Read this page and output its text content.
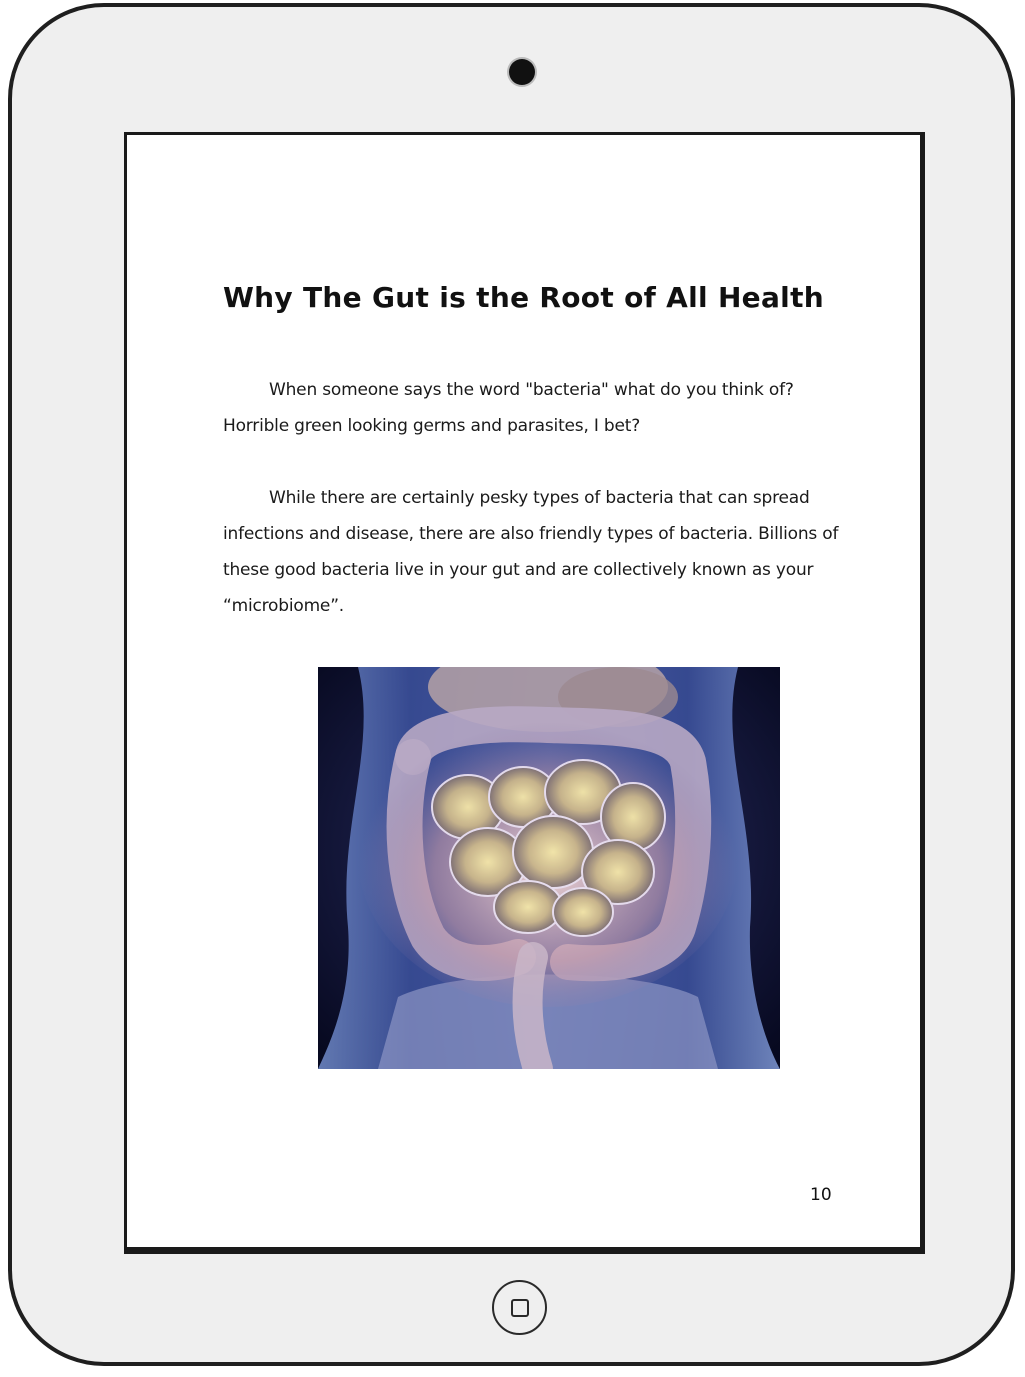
Why The Gut is the Root of All Health

When someone says the word "bacteria" what do you think of? Horrible green looking germs and parasites, I bet?

While there are certainly pesky types of bacteria that can spread infections and disease, there are also friendly types of bacteria. Billions of these good bacteria live in your gut and are collectively known as your “microbiome”.

10
